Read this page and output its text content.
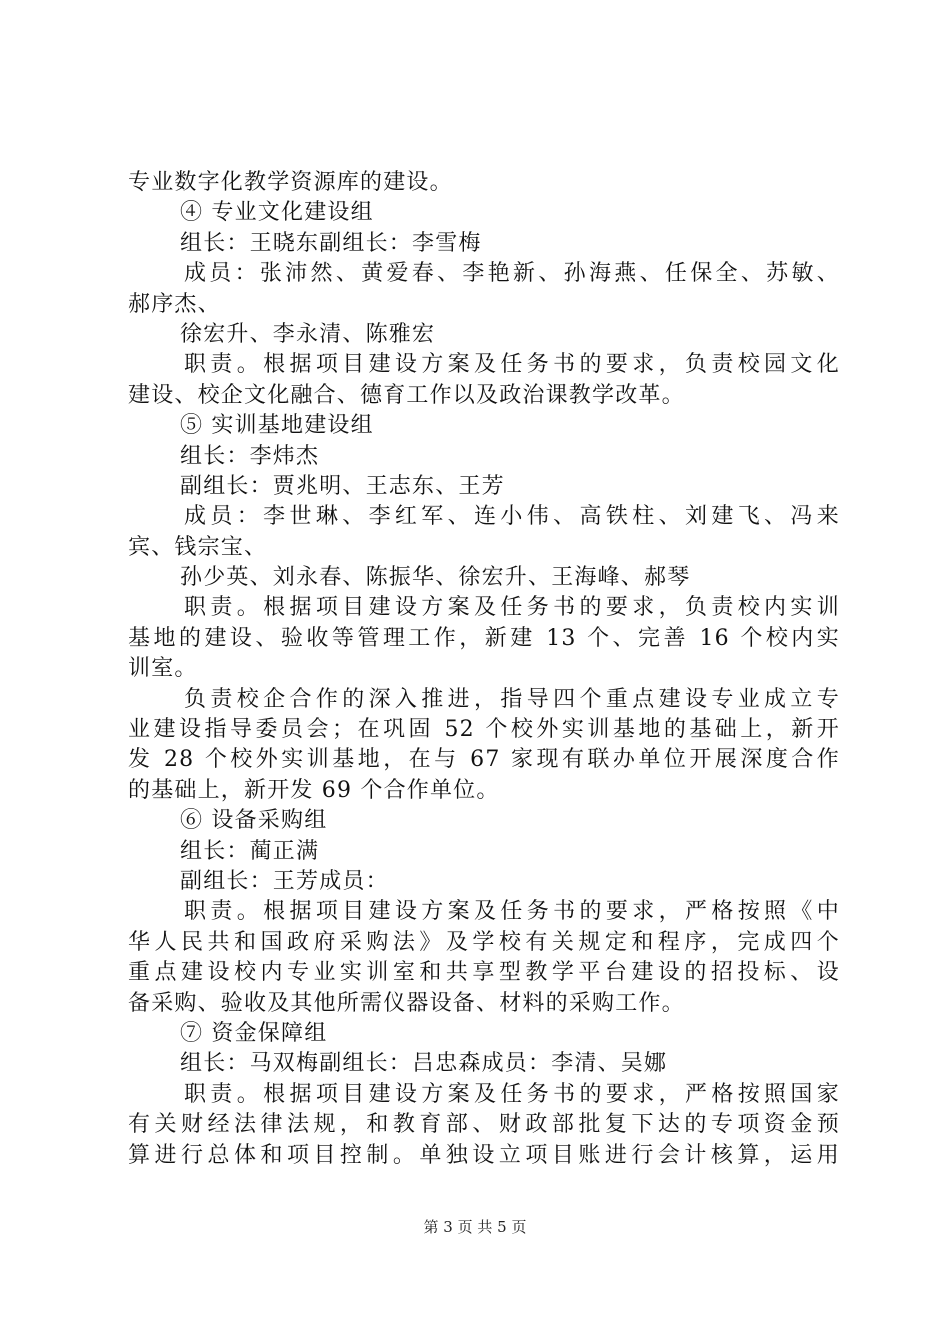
专业数字化教学资源库的建设。
④ 专业文化建设组
组长：王晓东副组长：李雪梅
成员：张沛然、黄爱春、李艳新、孙海燕、任保全、苏敏、
郝序杰、
徐宏升、李永清、陈雅宏
职责。根据项目建设方案及任务书的要求，负责校园文化
建设、校企文化融合、德育工作以及政治课教学改革。
⑤ 实训基地建设组
组长：李炜杰
副组长：贾兆明、王志东、王芳
成员：李世琳、李红军、连小伟、高铁柱、刘建飞、冯来
宾、钱宗宝、
孙少英、刘永春、陈振华、徐宏升、王海峰、郝琴
职责。根据项目建设方案及任务书的要求，负责校内实训
基地的建设、验收等管理工作，新建 13 个、完善 16 个校内实
训室。
负责校企合作的深入推进，指导四个重点建设专业成立专
业建设指导委员会；在巩固 52 个校外实训基地的基础上，新开
发 28 个校外实训基地，在与 67 家现有联办单位开展深度合作
的基础上，新开发 69 个合作单位。
⑥ 设备采购组
组长：蔺正满
副组长：王芳成员：
职责。根据项目建设方案及任务书的要求，严格按照《中
华人民共和国政府采购法》及学校有关规定和程序，完成四个
重点建设校内专业实训室和共享型教学平台建设的招投标、设
备采购、验收及其他所需仪器设备、材料的采购工作。
⑦ 资金保障组
组长：马双梅副组长：吕忠森成员：李清、吴娜
职责。根据项目建设方案及任务书的要求，严格按照国家
有关财经法律法规，和教育部、财政部批复下达的专项资金预
算进行总体和项目控制。单独设立项目账进行会计核算，运用
第 3 页 共 5 页
